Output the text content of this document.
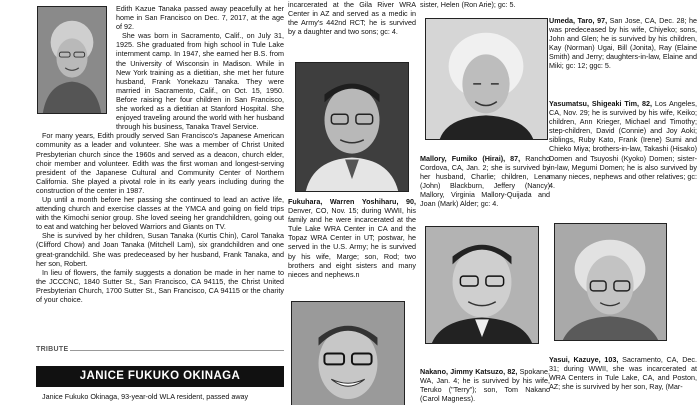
Edith Kazue Tanaka passed away peacefully at her home in San Francisco on Dec. 7, 2017, at the age of 92.

She was born in Sacramento, Calif., on July 31, 1925. She graduated from high school in Tule Lake internment camp. In 1947, she earned her B.S. from the University of Wisconsin in Madison. While in New York training as a dietitian, she met her future husband, Frank Yonekazu Tanaka. They were married in Sacramento, Calif., on Oct. 15, 1950. Before raising her four children in San Francisco, she worked as a dietitian at Stanford Hospital. She enjoyed traveling around the world with her husband through his business, Tanaka Travel Service.

For many years, Edith proudly served San Francisco's Japanese American community as a leader and volunteer. She was a member of Christ United Presbyterian church since the 1960s and served as a deacon, church elder, choir member and volunteer. Edith was the first woman and longest-serving president of the Japanese Cultural and Community Center of Northern California. She played a pivotal role in its early years including during the construction of the center in 1987.

Up until a month before her passing she continued to lead an active life, attending church and exercise classes at the YMCA and going on field trips with the Kimochi senior group. She loved seeing her grandchildren, going out to eat and watching her beloved Warriors and Giants on TV.

She is survived by her children, Susan Tanaka (Kurtis Chin), Carol Tanaka (Clifford Chow) and Joan Tanaka (Mitchell Lam), six grandchildren and one great-grandchild. She was predeceased by her husband, Frank Tanaka, and her son, Robert.

In lieu of flowers, the family suggests a donation be made in her name to the JCCCNC, 1840 Sutter St., San Francisco, CA 94115, the Christ United Presbyterian Church, 1700 Sutter St., San Francisco, CA 94115 or the charity of your choice.

TRIBUTE
JANICE FUKUKO OKINAGA

Janice Fukuko Okinaga, 93-year-old WLA resident, passed away

incarcerated at the Gila River WRA Center in AZ and served as a medic in the Army's 442nd RCT; he is survived by a daughter and two sons; gc: 4.

Fukuhara, Warren Yoshiharu, 90, Denver, CO, Nov. 15; during WWII, his family and he were incarcerated at the Tule Lake WRA Center in CA and the Topaz WRA Center in UT; postwar, he served in the U.S. Army; he is survived by his wife, Marge; son, Rod; two brothers and eight sisters and many nieces and nephews.n

sister, Helen (Ron Arie); gc: 5.

Mallory, Fumiko (Hirai), 87, Rancho Cordova, CA, Jan. 2; she is survived by her husband, Charlie; children, Lena (John) Blackburn, Jeffery (Nancy) Mallory, Virginia Mallory-Quijada and Joan (Mark) Alder; gc: 4.

Nakano, Jimmy Katsuzo, 82, Spokane, WA, Jan. 4; he is survived by his wife, Teruko ("Terry"); son, Tom Nakano (Carol Magness).

Umeda, Taro, 97, San Jose, CA, Dec. 28; he was predeceased by his wife, Chiyeko; sons, John and Glen; he is survived by his children, Kay (Norman) Ugai, Bill (Jonita), Ray (Elaine Smith) and Jerry; daughters-in-law, Elaine and Miki; gc: 12; ggc: 5.

Yasumatsu, Shigeaki Tim, 82, Los Angeles, CA, Nov. 29; he is survived by his wife, Keiko; children, Ann Krieger, Michael and Timothy; step-children, David (Connie) and Joy Aoki; siblings, Ruby Kato, Frank (Irene) Sumi and Chieko Miya; brothers-in-law, Takashi (Hisako) Domen and Tsuyoshi (Kyoko) Domen; sister-in-law, Megumi Domen; he is also survived by many nieces, nephews and other relatives; gc: 4.

Yasui, Kazuye, 103, Sacramento, CA, Dec. 31; during WWII, she was incarcerated at WRA Centers in Tule Lake, CA, and Poston, AZ; she is survived by her son, Ray, (Mar-
